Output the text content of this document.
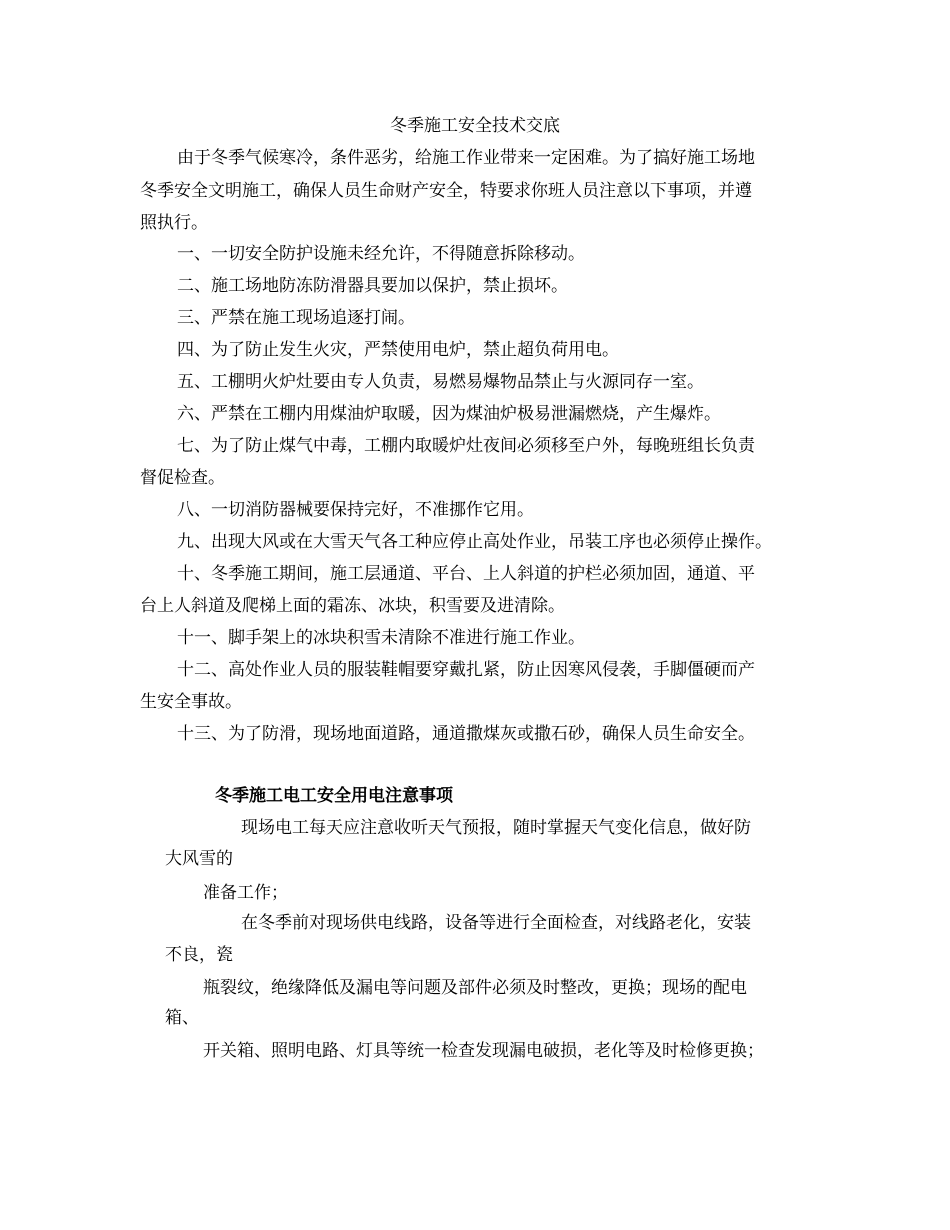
冬季施工安全技术交底
由于冬季气候寒冷，条件恶劣，给施工作业带来一定困难。为了搞好施工场地
冬季安全文明施工，确保人员生命财产安全，特要求你班人员注意以下事项，并遵
照执行。
一、一切安全防护设施未经允许，不得随意拆除移动。
二、施工场地防冻防滑器具要加以保护，禁止损坏。
三、严禁在施工现场追逐打闹。
四、为了防止发生火灾，严禁使用电炉，禁止超负荷用电。
五、工棚明火炉灶要由专人负责，易燃易爆物品禁止与火源同存一室。
六、严禁在工棚内用煤油炉取暖，因为煤油炉极易泄漏燃烧，产生爆炸。
七、为了防止煤气中毒，工棚内取暖炉灶夜间必须移至户外，每晚班组长负责
督促检查。
八、一切消防器械要保持完好，不准挪作它用。
九、出现大风或在大雪天气各工种应停止高处作业，吊装工序也必须停止操作。
十、冬季施工期间，施工层通道、平台、上人斜道的护栏必须加固，通道、平
台上人斜道及爬梯上面的霜冻、冰块，积雪要及进清除。
十一、脚手架上的冰块积雪未清除不准进行施工作业。
十二、高处作业人员的服装鞋帽要穿戴扎紧，防止因寒风侵袭，手脚僵硬而产
生安全事故。
十三、为了防滑，现场地面道路，通道撒煤灰或撒石砂，确保人员生命安全。
冬季施工电工安全用电注意事项
现场电工每天应注意收听天气预报，随时掌握天气变化信息，做好防
大风雪的
准备工作；
在冬季前对现场供电线路，设备等进行全面检查，对线路老化，安装
不良，瓷
瓶裂纹，绝缘降低及漏电等问题及部件必须及时整改，更换；现场的配电
箱、
开关箱、照明电路、灯具等统一检查发现漏电破损，老化等及时检修更换；
